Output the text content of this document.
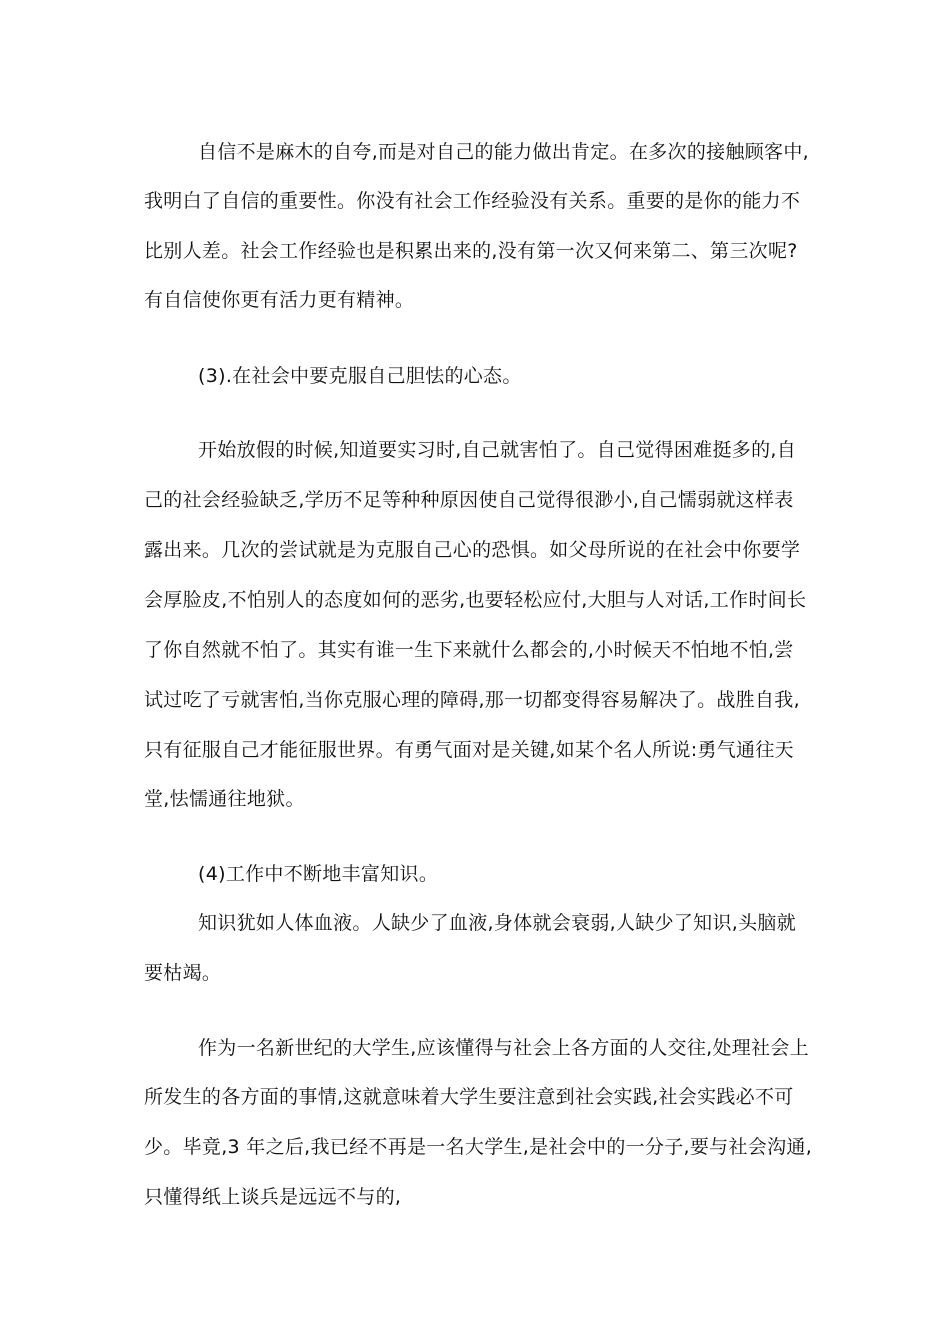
自信不是麻木的自夸,而是对自己的能力做出肯定。在多次的接触顾客中,
我明白了自信的重要性。你没有社会工作经验没有关系。重要的是你的能力不
比别人差。社会工作经验也是积累出来的,没有第一次又何来第二、第三次呢?
有自信使你更有活力更有精神。
(3).在社会中要克服自己胆怯的心态。
开始放假的时候,知道要实习时,自己就害怕了。自己觉得困难挺多的,自
己的社会经验缺乏,学历不足等种种原因使自己觉得很渺小,自己懦弱就这样表
露出来。几次的尝试就是为克服自己心的恐惧。如父母所说的在社会中你要学
会厚脸皮,不怕别人的态度如何的恶劣,也要轻松应付,大胆与人对话,工作时间长
了你自然就不怕了。其实有谁一生下来就什么都会的,小时候天不怕地不怕,尝
试过吃了亏就害怕,当你克服心理的障碍,那一切都变得容易解决了。战胜自我,
只有征服自己才能征服世界。有勇气面对是关键,如某个名人所说:勇气通往天
堂,怯懦通往地狱。
(4)工作中不断地丰富知识。
知识犹如人体血液。人缺少了血液,身体就会衰弱,人缺少了知识,头脑就
要枯竭。
作为一名新世纪的大学生,应该懂得与社会上各方面的人交往,处理社会上
所发生的各方面的事情,这就意味着大学生要注意到社会实践,社会实践必不可
少。毕竟,3 年之后,我已经不再是一名大学生,是社会中的一分子,要与社会沟通,
只懂得纸上谈兵是远远不与的,
